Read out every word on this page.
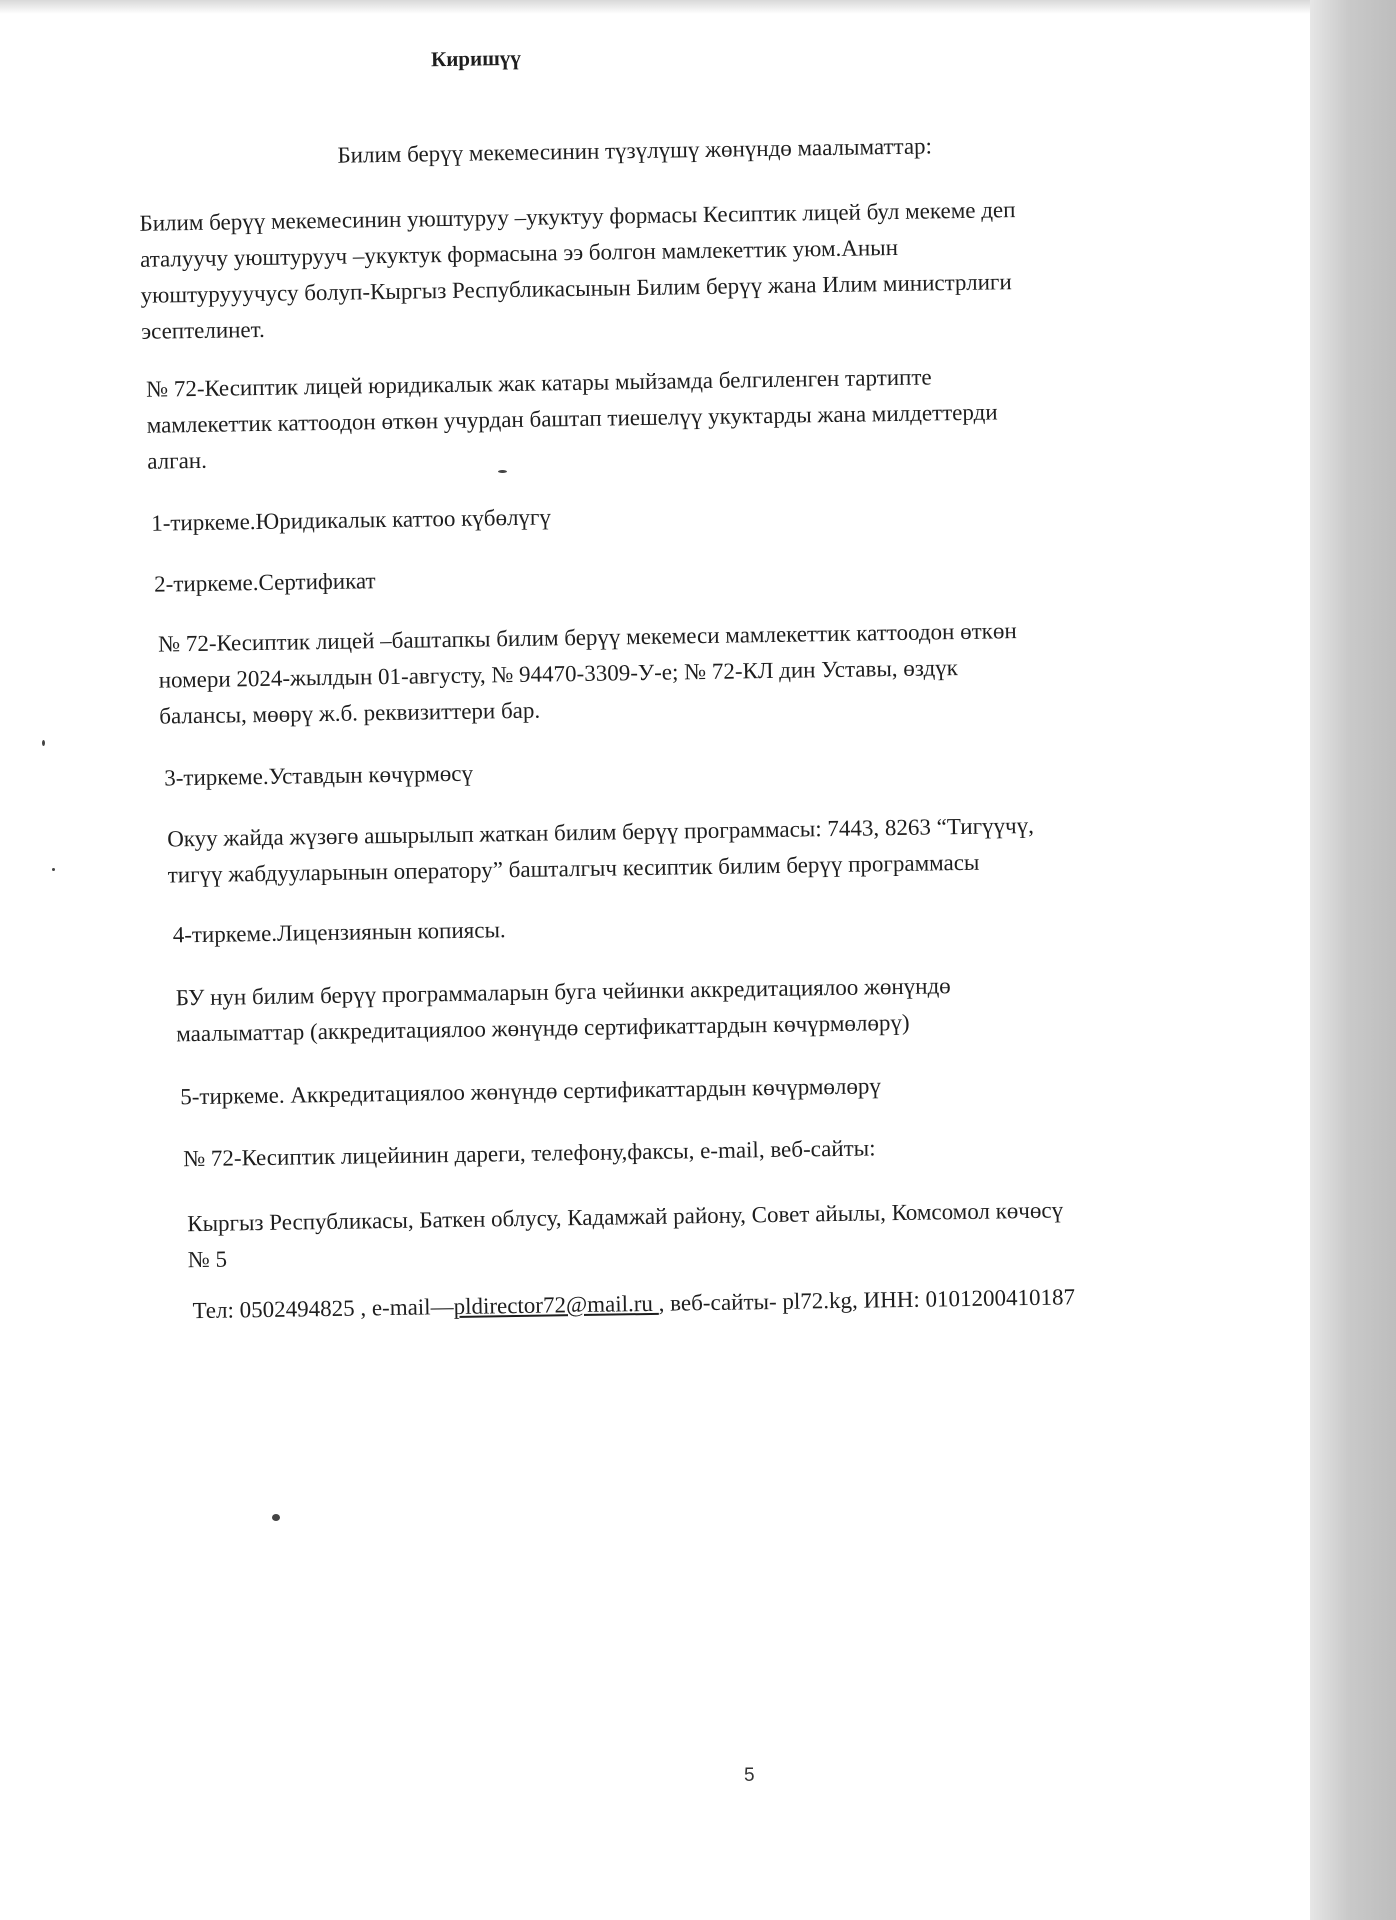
Киришүү
Билим берүү мекемесинин түзүлүшү жөнүндө маалыматтар:
Билим берүү мекемесинин уюштуруу –укуктуу формасы Кесиптик лицей бул мекеме деп
аталуучу уюштурууч –укуктук формасына ээ болгон мамлекеттик уюм.Анын
уюштурууучусу болуп-Кыргыз Республикасынын Билим берүү жана Илим министрлиги
эсептелинет.
№ 72-Кесиптик лицей юридикалык жак катары мыйзамда белгиленген тартипте
мамлекеттик каттоодон өткөн учурдан баштап тиешелүү укуктарды жана милдеттерди
алган.
1-тиркеме.Юридикалык каттоо күбөлүгү
2-тиркеме.Сертификат
№ 72-Кесиптик лицей –баштапкы билим берүү мекемеси мамлекеттик каттоодон өткөн
номери 2024-жылдын 01-августу, № 94470-3309-У-е; № 72-КЛ дин Уставы, өздүк
балансы, мөөрү ж.б. реквизиттери бар.
3-тиркеме.Уставдын көчүрмөсү
Окуу жайда жүзөгө ашырылып жаткан билим берүү программасы: 7443, 8263 “Тигүүчү,
тигүү жабдууларынын оператору” башталгыч кесиптик билим берүү программасы
4-тиркеме.Лицензиянын копиясы.
БУ нун билим берүү программаларын буга чейинки аккредитациялоо жөнүндө
маалыматтар (аккредитациялоо жөнүндө сертификаттардын көчүрмөлөрү)
5-тиркеме. Аккредитациялоо жөнүндө сертификаттардын көчүрмөлөрү
№ 72-Кесиптик лицейинин дареги, телефону,факсы, e-mail, веб-сайты:
Кыргыз Республикасы, Баткен облусу, Кадамжай району, Совет айылы, Комсомол көчөсү
№ 5
Тел: 0502494825 , e-mail—pldirector72@mail.ru , веб-сайты- pl72.kg, ИНН: 0101200410187
5
